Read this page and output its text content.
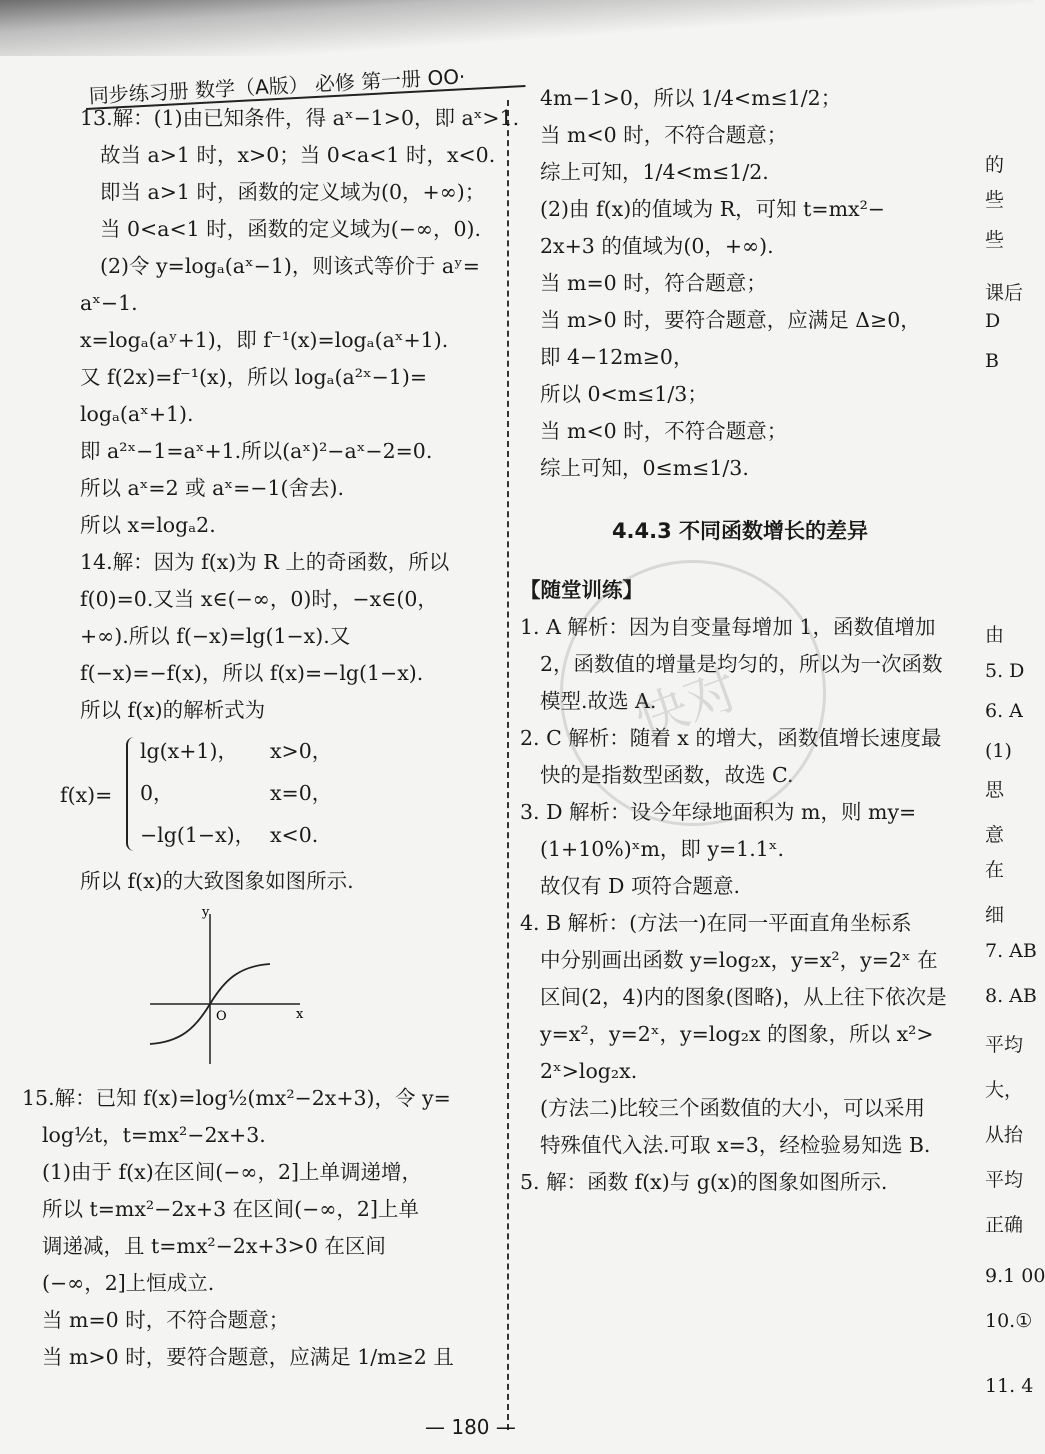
同步练习册 数学（A版） 必修 第一册 OO·
13.解：(1)由已知条件，得 aˣ−1>0，即 aˣ>1.
故当 a>1 时，x>0；当 0<a<1 时，x<0.
即当 a>1 时，函数的定义域为(0，+∞)；
当 0<a<1 时，函数的定义域为(−∞，0).
(2)令 y=logₐ(aˣ−1)，则该式等价于 aʸ=
aˣ−1.
x=logₐ(aʸ+1)，即 f⁻¹(x)=logₐ(aˣ+1).
又 f(2x)=f⁻¹(x)，所以 logₐ(a²ˣ−1)=
logₐ(aˣ+1).
即 a²ˣ−1=aˣ+1.所以(aˣ)²−aˣ−2=0.
所以 aˣ=2 或 aˣ=−1(舍去).
所以 x=logₐ2.
14.解：因为 f(x)为 R 上的奇函数，所以
f(0)=0.又当 x∈(−∞，0)时，−x∈(0，
+∞).所以 f(−x)=lg(1−x).又
f(−x)=−f(x)，所以 f(x)=−lg(1−x).
所以 f(x)的解析式为
f(x)=
lg(x+1)， x>0，
0，	x=0，
−lg(1−x)， x<0.
所以 f(x)的大致图象如图所示.
y
x
O
15.解：已知 f(x)=log½(mx²−2x+3)，令 y=
log½t，t=mx²−2x+3.
(1)由于 f(x)在区间(−∞，2]上单调递增，
所以 t=mx²−2x+3 在区间(−∞，2]上单
调递减，且 t=mx²−2x+3>0 在区间
(−∞，2]上恒成立.
当 m=0 时，不符合题意；
当 m>0 时，要符合题意，应满足 1/m≥2 且
4m−1>0，所以 1/4<m≤1/2；
当 m<0 时，不符合题意；
综上可知，1/4<m≤1/2.
(2)由 f(x)的值域为 R，可知 t=mx²−
2x+3 的值域为(0，+∞).
当 m=0 时，符合题意；
当 m>0 时，要符合题意，应满足 Δ≥0，
即 4−12m≥0，
所以 0<m≤1/3；
当 m<0 时，不符合题意；
综上可知，0≤m≤1/3.
4.4.3 不同函数增长的差异
【随堂训练】
1. A 解析：因为自变量每增加 1，函数值增加
2，函数值的增量是均匀的，所以为一次函数
模型.故选 A.
2. C 解析：随着 x 的增大，函数值增长速度最
快的是指数型函数，故选 C.
3. D 解析：设今年绿地面积为 m，则 my=
(1+10%)ˣm，即 y=1.1ˣ.
故仅有 D 项符合题意.
4. B 解析：(方法一)在同一平面直角坐标系
中分别画出函数 y=log₂x，y=x²，y=2ˣ 在
区间(2，4)内的图象(图略)，从上往下依次是
y=x²，y=2ˣ，y=log₂x 的图象，所以 x²>
2ˣ>log₂x.
(方法二)比较三个函数值的大小，可以采用
特殊值代入法.可取 x=3，经检验易知选 B.
5. 解：函数 f(x)与 g(x)的图象如图所示.
快对
的
些
些
课后
D
B
由
5. D
6. A
(1)
思
意
在
细
7. AB
8. AB
平均
大，
从抬
平均
正确
9.1 00
10.①
11. 4
— 180 —
